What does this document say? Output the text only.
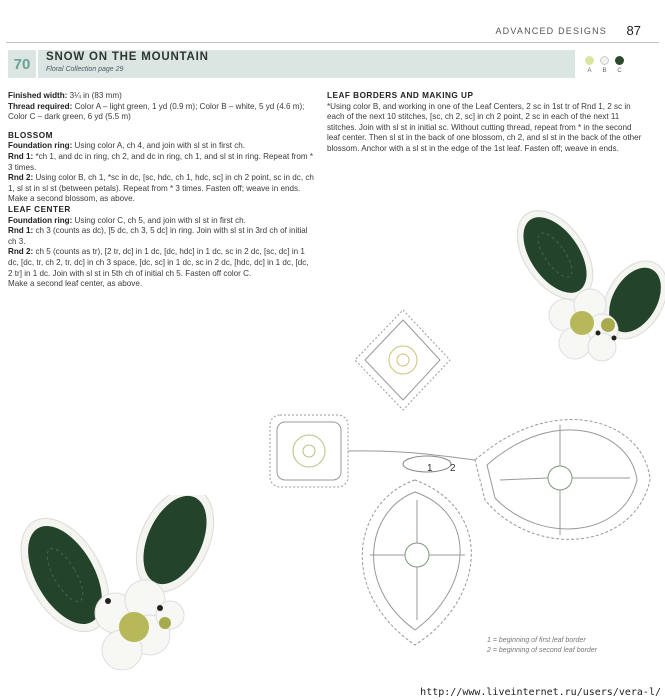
ADVANCED DESIGNS 87
70	SNOW ON THE MOUNTAIN
Floral Collection page 29	A	B	C

Finished width: 3¼ in (83 mm)

Thread required: Color A – light green, 1 yd (0.9 m); Color B – white, 5 yd (4.6 m); Color C – dark green, 6 yd (5.5 m)

BLOSSOM

Foundation ring: Using color A, ch 4, and join with sl st in first ch.

Rnd 1: *ch 1, and dc in ring, ch 2, and dc in ring, ch 1, and sl st in ring. Repeat from * 3 times.

Rnd 2: Using color B, ch 1, *sc in dc, [sc, hdc, ch 1, hdc, sc] in ch 2 point, sc in dc, ch 1, sl st in sl st (between petals). Repeat from * 3 times. Fasten off; weave in ends.

Make a second blossom, as above.

LEAF CENTER

Foundation ring: Using color C, ch 5, and join with sl st in first ch.

Rnd 1: ch 3 (counts as dc), [5 dc, ch 3, 5 dc] in ring. Join with sl st in 3rd ch of initial ch 3.

Rnd 2: ch 5 (counts as tr), [2 tr, dc] in 1 dc, [dc, hdc] in 1 dc, sc in 2 dc, [sc, dc] in 1 dc, [dc, tr, ch 2, tr, dc] in ch 3 space, [dc, sc] in 1 dc, sc in 2 dc, [hdc, dc] in 1 dc, [dc, 2 tr] in 1 dc. Join with sl st in 5th ch of initial ch 5. Fasten off color C.

Make a second leaf center, as above.

LEAF BORDERS AND MAKING UP

*Using color B, and working in one of the Leaf Centers, 2 sc in 1st tr of Rnd 1, 2 sc in each of the next 10 stitches, [sc, ch 2, sc] in ch 2 point, 2 sc in each of the next 11 stitches. Join with sl st in initial sc. Without cutting thread, repeat from * in the second leaf center. Then sl st in the back of one blossom, ch 2, and sl st in the back of the other blossom. Anchor with a sl st in the edge of the 1st leaf. Fasten off; weave in ends.

1 2
1 = beginning of first leaf border
2 = beginning of second leaf border
http://www.liveinternet.ru/users/vera-l/
